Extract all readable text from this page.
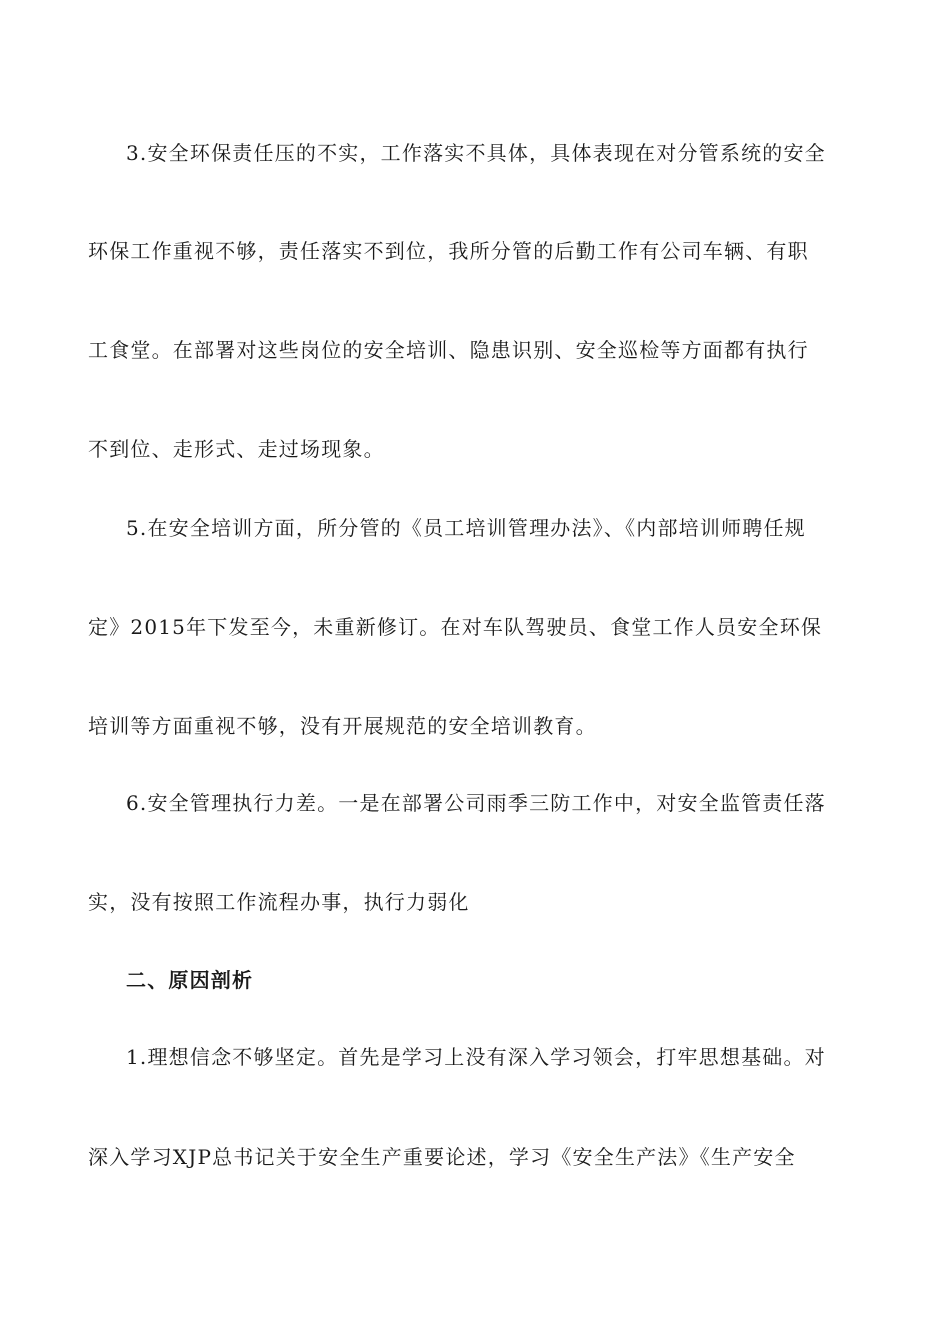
3.安全环保责任压的不实，工作落实不具体，具体表现在对分管系统的安全
环保工作重视不够，责任落实不到位，我所分管的后勤工作有公司车辆、有职
工食堂。在部署对这些岗位的安全培训、隐患识别、安全巡检等方面都有执行
不到位、走形式、走过场现象。
5.在安全培训方面，所分管的《员工培训管理办法》、《内部培训师聘任规
定》2015年下发至今，未重新修订。在对车队驾驶员、食堂工作人员安全环保
培训等方面重视不够，没有开展规范的安全培训教育。
6.安全管理执行力差。一是在部署公司雨季三防工作中，对安全监管责任落
实，没有按照工作流程办事，执行力弱化
二、原因剖析
1.理想信念不够坚定。首先是学习上没有深入学习领会，打牢思想基础。对
深入学习XJP总书记关于安全生产重要论述，学习《安全生产法》《生产安全
